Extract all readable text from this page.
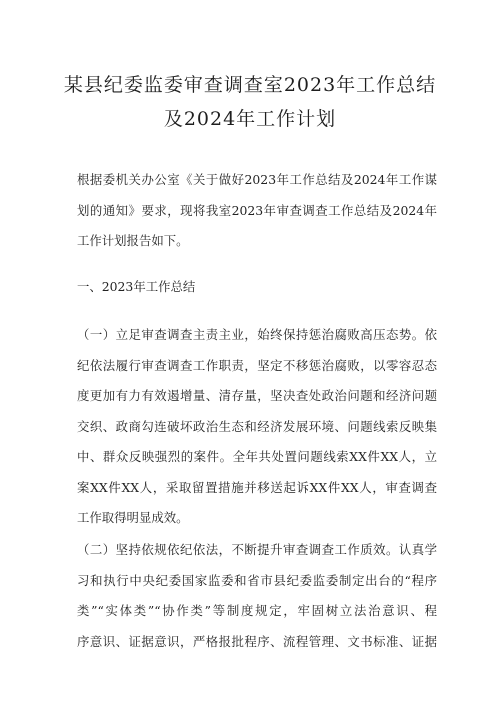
某县纪委监委审查调查室2023年工作总结
及2024年工作计划
根据委机关办公室《关于做好2023年工作总结及2024年工作谋
划的通知》要求，现将我室2023年审查调查工作总结及2024年
工作计划报告如下。
一、2023年工作总结
（一）立足审查调查主责主业，始终保持惩治腐败高压态势。依
纪依法履行审查调查工作职责，坚定不移惩治腐败，以零容忍态
度更加有力有效遏增量、清存量，坚决查处政治问题和经济问题
交织、政商勾连破坏政治生态和经济发展环境、问题线索反映集
中、群众反映强烈的案件。全年共处置问题线索XX件XX人，立
案XX件XX人，采取留置措施并移送起诉XX件XX人，审查调查
工作取得明显成效。
（二）坚持依规依纪依法，不断提升审查调查工作质效。认真学
习和执行中央纪委国家监委和省市县纪委监委制定出台的“程序
类”“实体类”“协作类”等制度规定，牢固树立法治意识、程
序意识、证据意识，严格报批程序、流程管理、文书标准、证据
